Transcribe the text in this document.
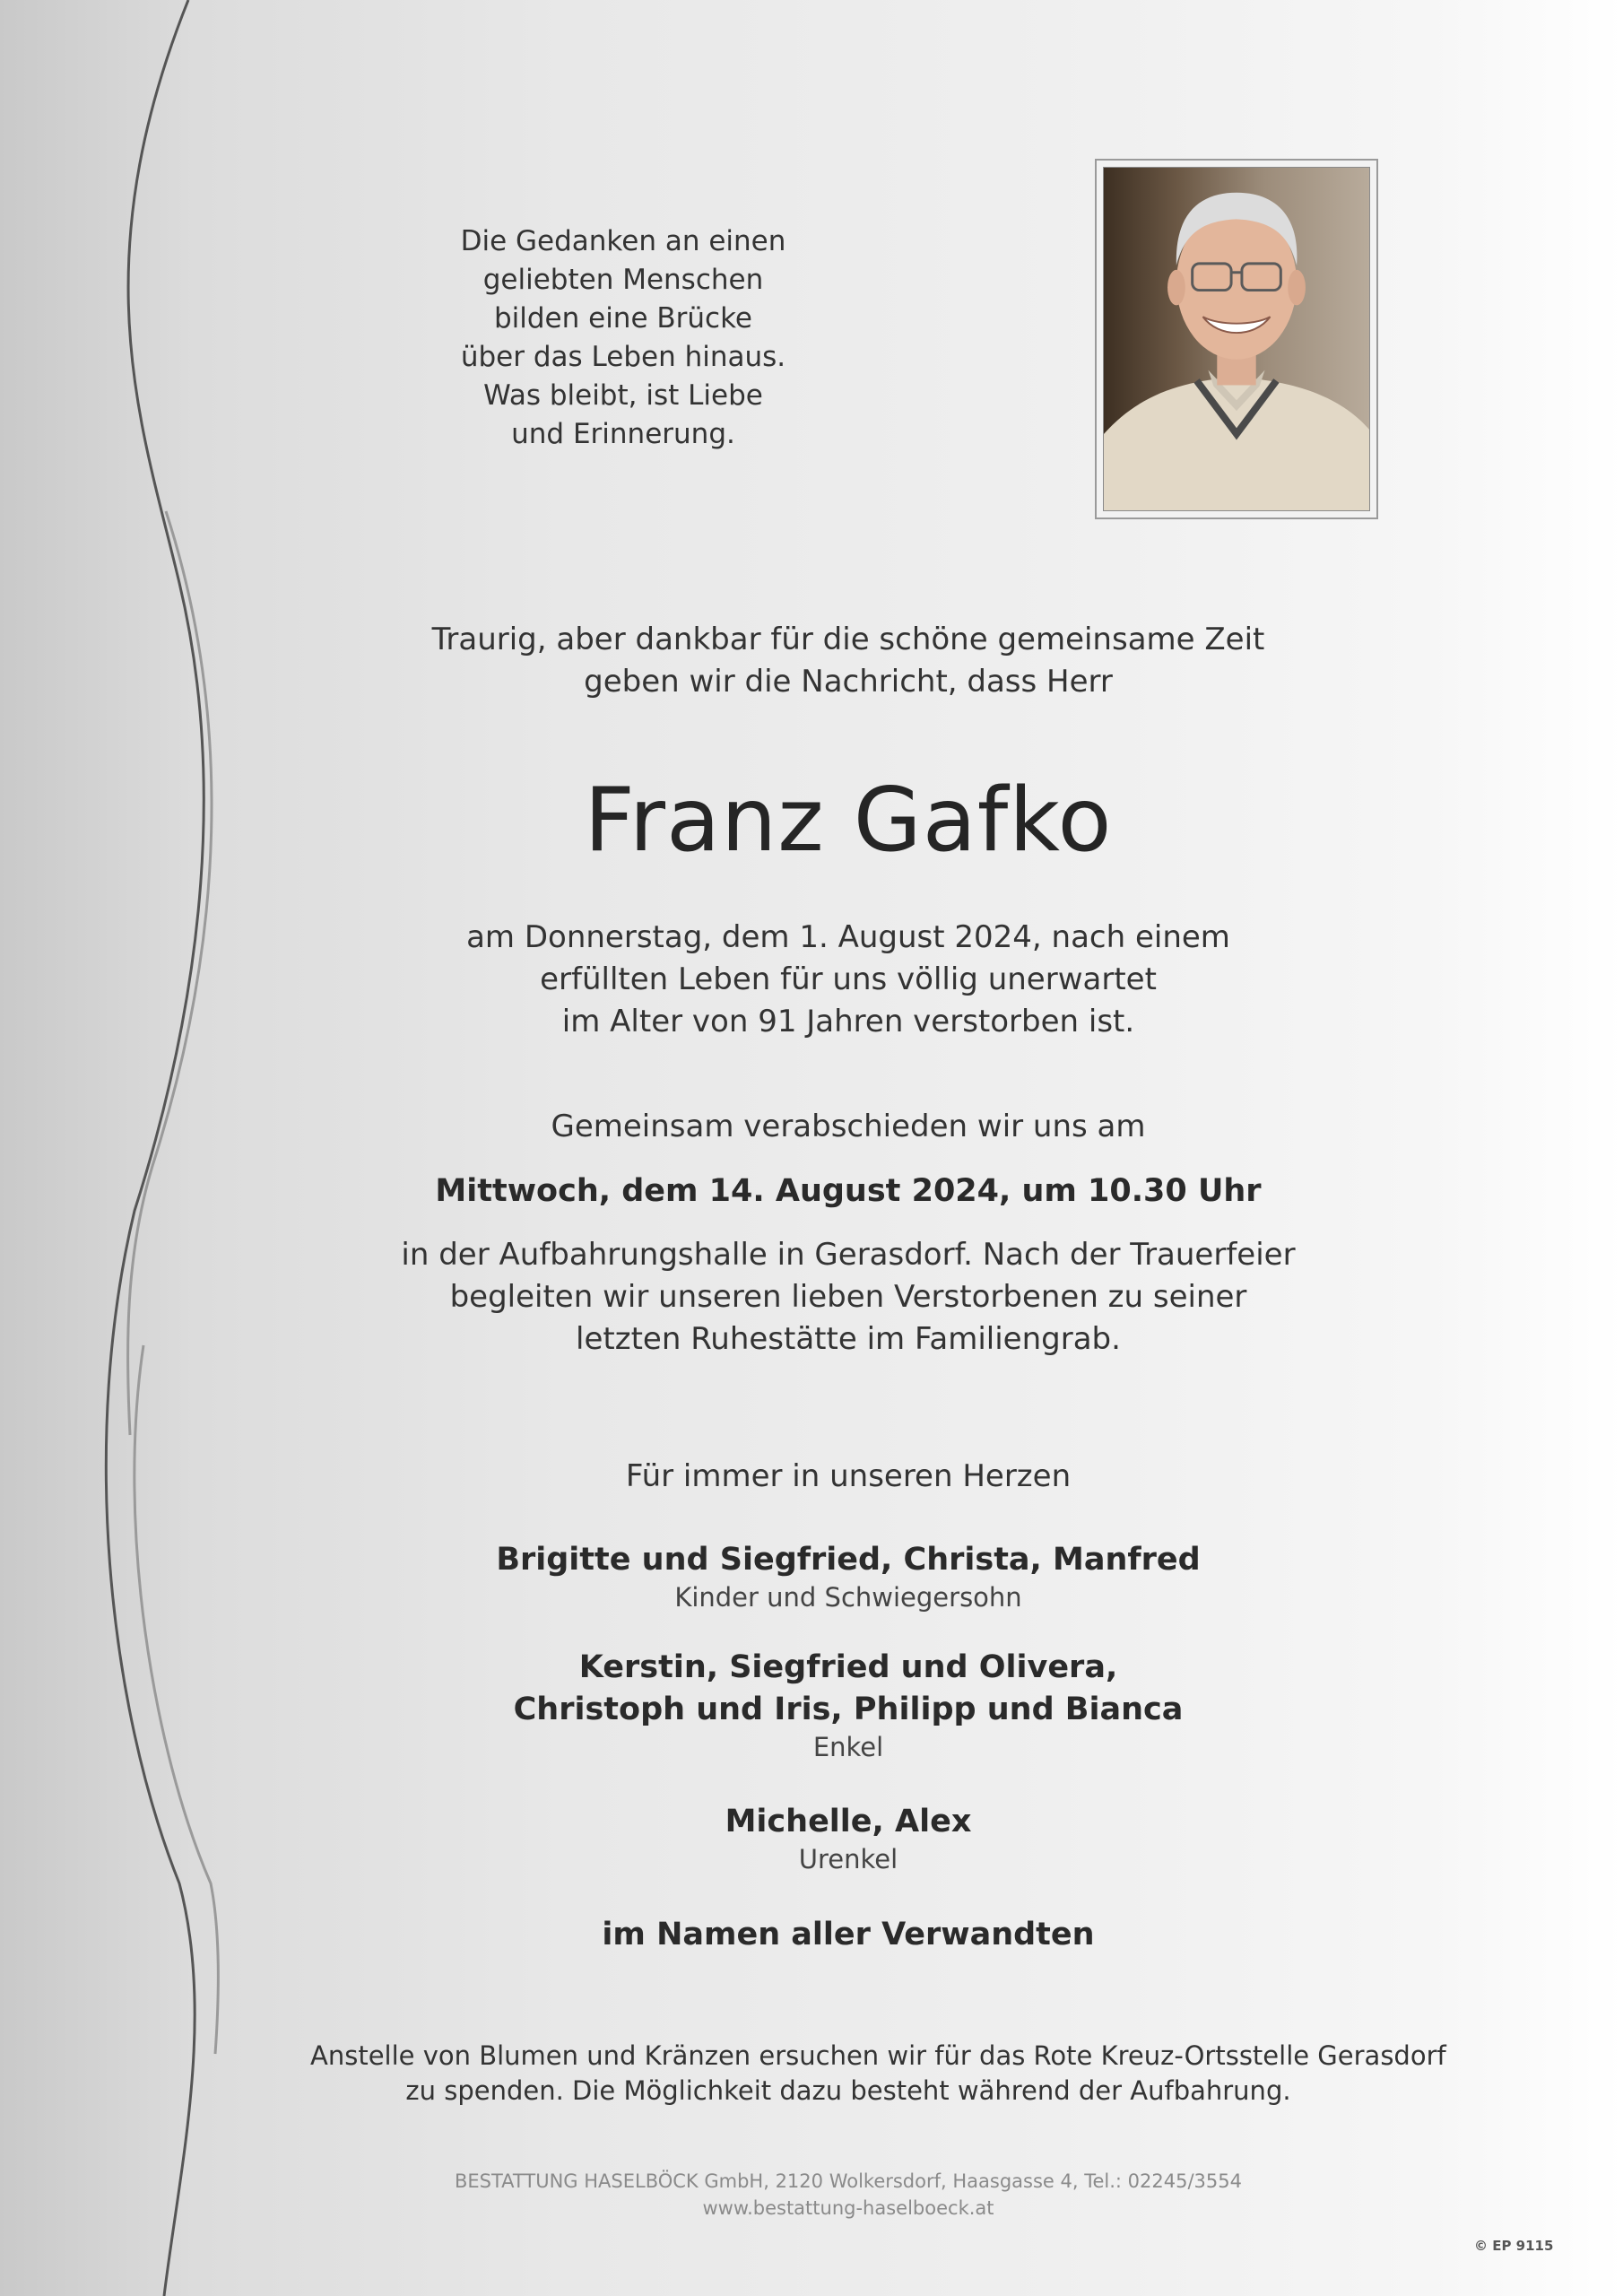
Die Gedanken an einen
geliebten Menschen
bilden eine Brücke
über das Leben hinaus.
Was bleibt, ist Liebe
und Erinnerung.
Traurig, aber dankbar für die schöne gemeinsame Zeit
geben wir die Nachricht, dass Herr
Franz Gafko
am Donnerstag, dem 1. August 2024, nach einem
erfüllten Leben für uns völlig unerwartet
im Alter von 91 Jahren verstorben ist.
Gemeinsam verabschieden wir uns am
Mittwoch, dem 14. August 2024, um 10.30 Uhr
in der Aufbahrungshalle in Gerasdorf. Nach der Trauerfeier
begleiten wir unseren lieben Verstorbenen zu seiner
letzten Ruhestätte im Familiengrab.
Für immer in unseren Herzen
Brigitte und Siegfried, Christa, Manfred
Kinder und Schwiegersohn
Kerstin, Siegfried und Olivera,
Christoph und Iris, Philipp und Bianca
Enkel
Michelle, Alex
Urenkel
im Namen aller Verwandten
Anstelle von Blumen und Kränzen ersuchen wir für das Rote Kreuz-Ortsstelle Gerasdorf
zu spenden. Die Möglichkeit dazu besteht während der Aufbahrung.
BESTATTUNG HASELBÖCK GmbH, 2120 Wolkersdorf, Haasgasse 4, Tel.: 02245/3554
www.bestattung-haselboeck.at
© EP 9115
